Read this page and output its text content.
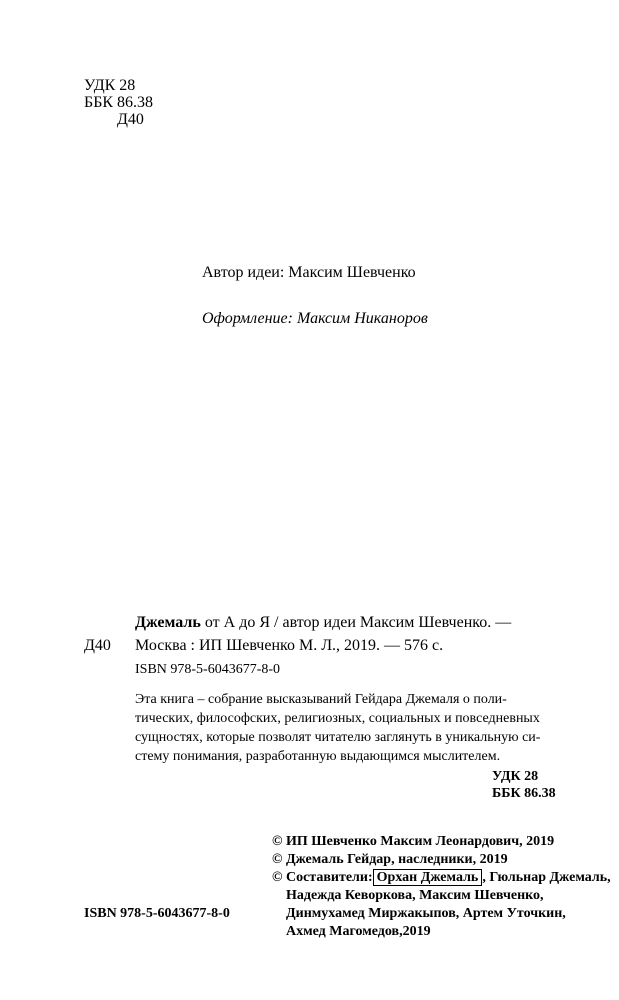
УДК 28
ББК 86.38
Д40
Автор идеи: Максим Шевченко
Оформление: Максим Никаноров
Джемаль от А до Я / автор идеи Максим Шевченко. —
Д40 Москва : ИП Шевченко М. Л., 2019. — 576 с.
ISBN 978-5-6043677-8-0

Эта книга – собрание высказываний Гейдара Джемаля о поли-

тических, философских, религиозных, социальных и повседневных

сущностях, которые позволят читателю заглянуть в уникальную си-

стему понимания, разработанную выдающимся мыслителем.

УДК 28
ББК 86.38
© ИП Шевченко Максим Леонардович, 2019
© Джемаль Гейдар, наследники, 2019
© Составители: Орхан Джемаль , Гюльнар Джемаль,
Надежда Кеворкова, Максим Шевченко,
Динмухамед Миржакыпов, Артем Уточкин,
Ахмед Магомедов,2019
ISBN 978-5-6043677-8-0
